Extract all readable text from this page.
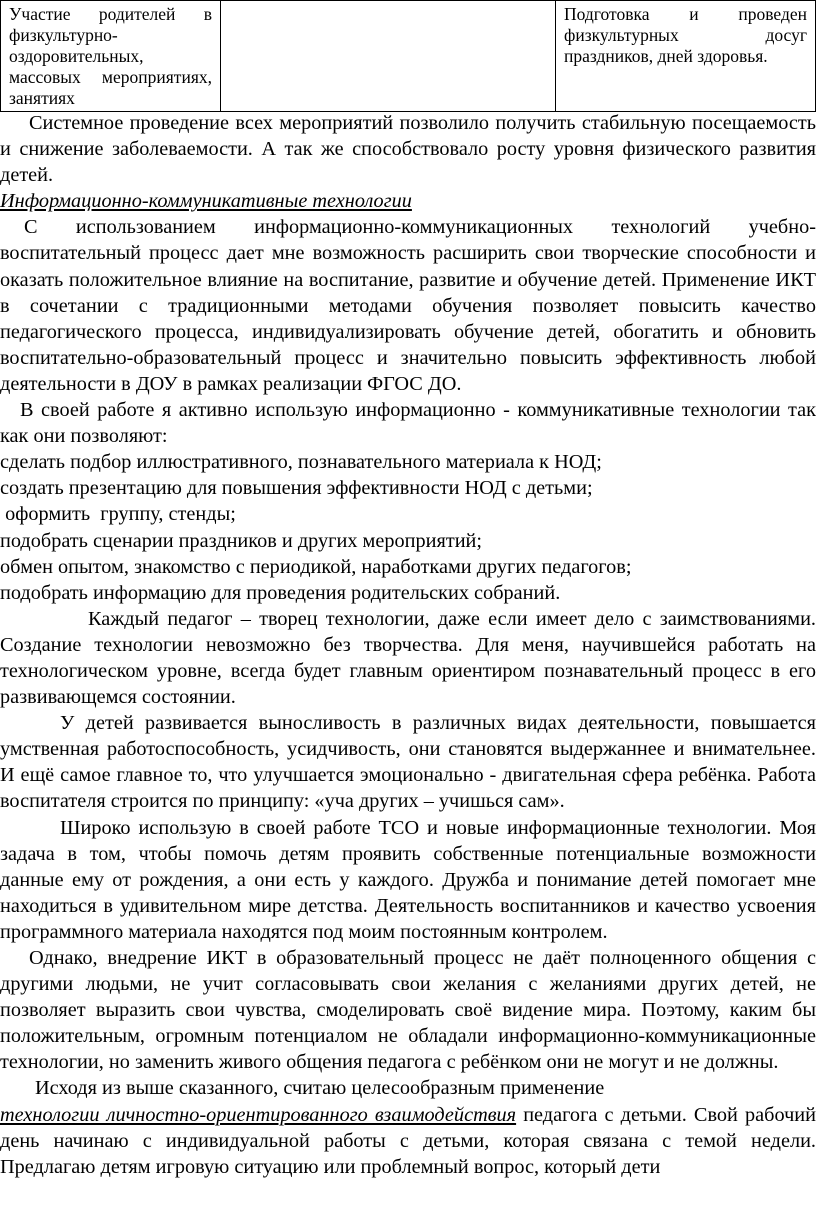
Участие родителей в физкультурно-оздоровительных, массовых мероприятиях, занятиях		Подготовка и проведен физкультурных досуг праздников, дней здоровья.

Системное проведение всех мероприятий позволило получить стабильную посещаемость и снижение заболеваемости. А так же способствовало росту уровня физического развития детей.

Информационно-коммуникативные технологии

С использованием информационно-коммуникационных технологий учебно-воспитательный процесс дает мне возможность расширить свои творческие способности и оказать положительное влияние на воспитание, развитие и обучение детей. Применение ИКТ в сочетании с традиционными методами обучения позволяет повысить качество педагогического процесса, индивидуализировать обучение детей, обогатить и обновить воспитательно-образовательный процесс и значительно повысить эффективность любой деятельности в ДОУ в рамках реализации ФГОС ДО.

В своей работе я активно использую информационно - коммуникативные технологии так как они позволяют:

сделать подбор иллюстративного, познавательного материала к НОД;

создать презентацию для повышения эффективности НОД с детьми;

оформить  группу, стенды;

подобрать сценарии праздников и других мероприятий;

обмен опытом, знакомство с периодикой, наработками других педагогов;

подобрать информацию для проведения родительских собраний.

Каждый педагог – творец технологии, даже если имеет дело с заимствованиями. Создание технологии невозможно без творчества. Для меня, научившейся работать на технологическом уровне, всегда будет главным ориентиром познавательный процесс в его развивающемся состоянии.

У детей развивается выносливость в различных видах деятельности, повышается умственная работоспособность, усидчивость, они становятся выдержаннее и внимательнее. И ещё самое главное то, что улучшается эмоционально - двигательная сфера ребёнка. Работа воспитателя строится по принципу: «уча других – учишься сам».

Широко использую в своей работе ТСО и новые информационные технологии. Моя задача в том, чтобы помочь детям проявить собственные потенциальные возможности данные ему от рождения, а они есть у каждого. Дружба и понимание детей помогает мне находиться в удивительном мире детства. Деятельность воспитанников и качество усвоения программного материала находятся под моим постоянным контролем.

Однако, внедрение ИКТ в образовательный процесс не даёт полноценного общения с другими людьми, не учит согласовывать свои желания с желаниями других детей, не позволяет выразить свои чувства, смоделировать своё видение мира. Поэтому, каким бы положительным, огромным потенциалом не обладали информационно-коммуникационные технологии, но заменить живого общения педагога с ребёнком они не могут и не должны.

Исходя из выше сказанного, считаю целесообразным применение

технологии личностно-ориентированного взаимодействия педагога с детьми. Свой рабочий день начинаю с индивидуальной работы с детьми, которая связана с темой недели. Предлагаю детям игровую ситуацию или проблемный вопрос, который дети
